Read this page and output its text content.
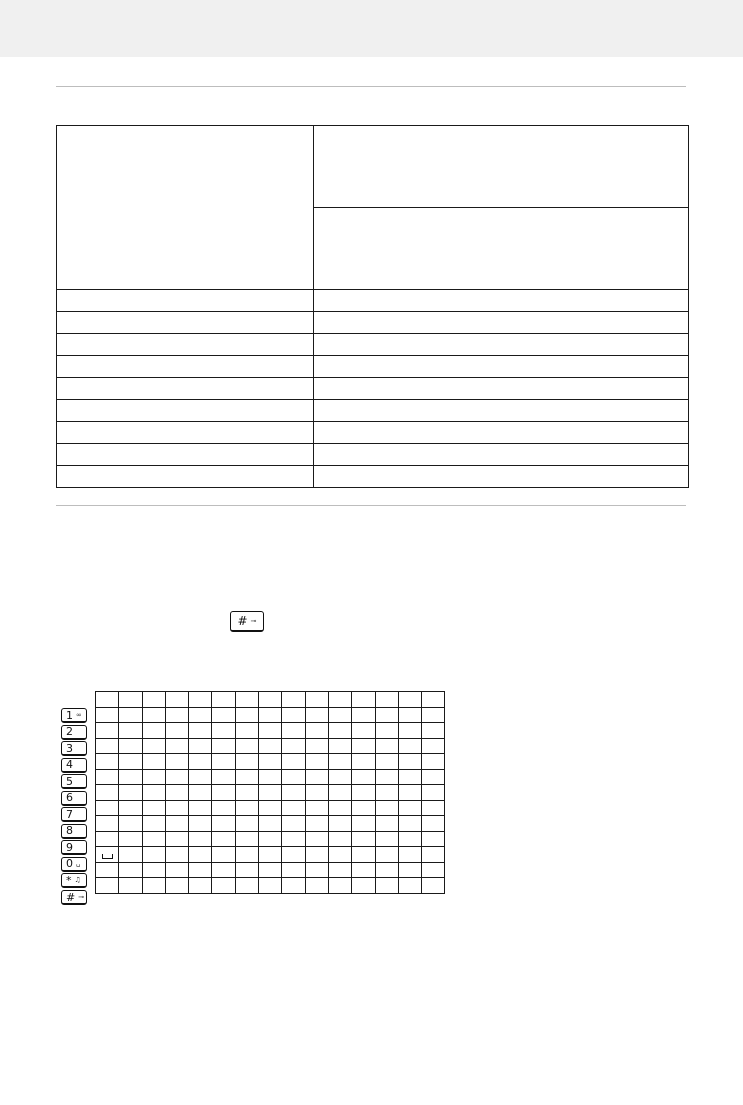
# ⊸
1 ∞
2
3
4
5
6
7
8
9
0 ␣
* ♫
# ⊸
